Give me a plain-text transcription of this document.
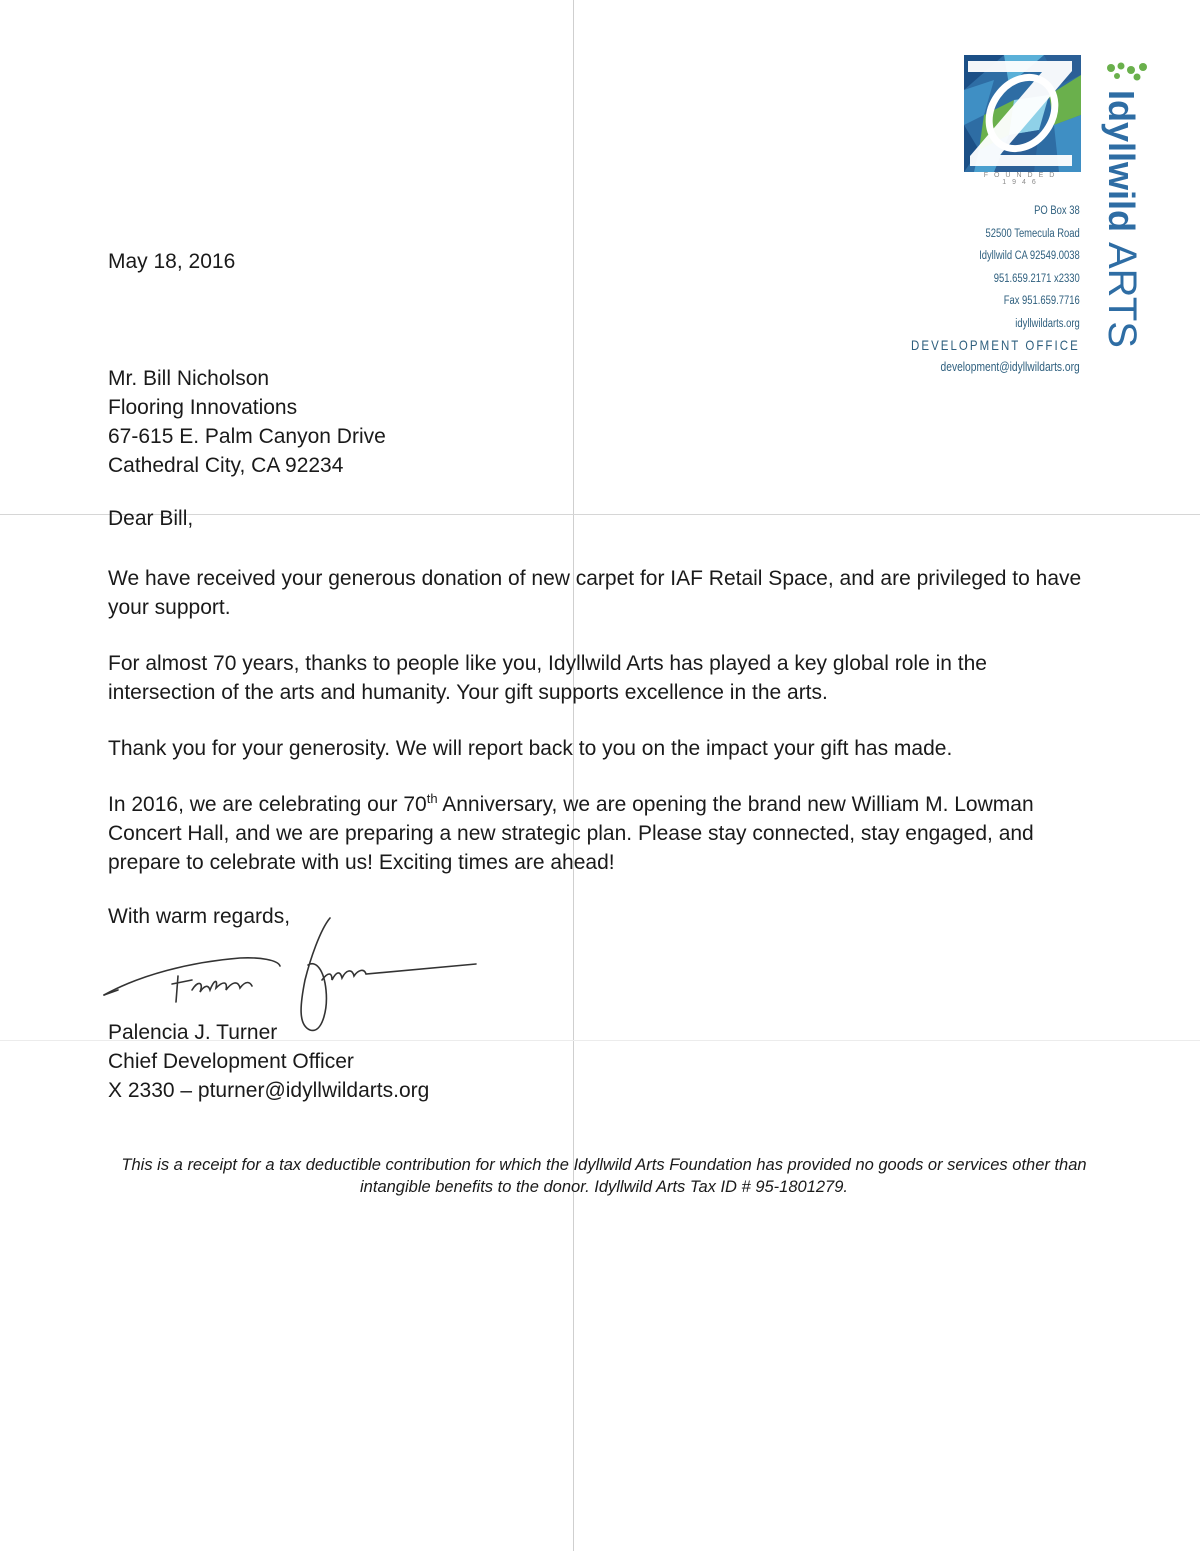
FOUNDED 1946	Idyllwild
ARTS
PO Box 38
52500 Temecula Road
Idyllwild CA 92549.0038
951.659.2171 x2330
Fax 951.659.7716
idyllwildarts.org
DEVELOPMENT OFFICE
development@idyllwildarts.org
May 18, 2016
Mr. Bill Nicholson
Flooring Innovations
67-615 E. Palm Canyon Drive
Cathedral City, CA 92234
Dear Bill,
We have received your generous donation of new carpet for IAF Retail Space, and are privileged to have your support.
For almost 70 years, thanks to people like you, Idyllwild Arts has played a key global role in the intersection of the arts and humanity. Your gift supports excellence in the arts.
Thank you for your generosity. We will report back to you on the impact your gift has made.
In 2016, we are celebrating our 70th Anniversary, we are opening the brand new William M. Lowman Concert Hall, and we are preparing a new strategic plan. Please stay connected, stay engaged, and prepare to celebrate with us! Exciting times are ahead!
With warm regards,
Palencia J. Turner
Chief Development Officer
X 2330 – pturner@idyllwildarts.org
This is a receipt for a tax deductible contribution for which the Idyllwild Arts Foundation has provided no goods or services other than intangible benefits to the donor. Idyllwild Arts Tax ID # 95-1801279.
